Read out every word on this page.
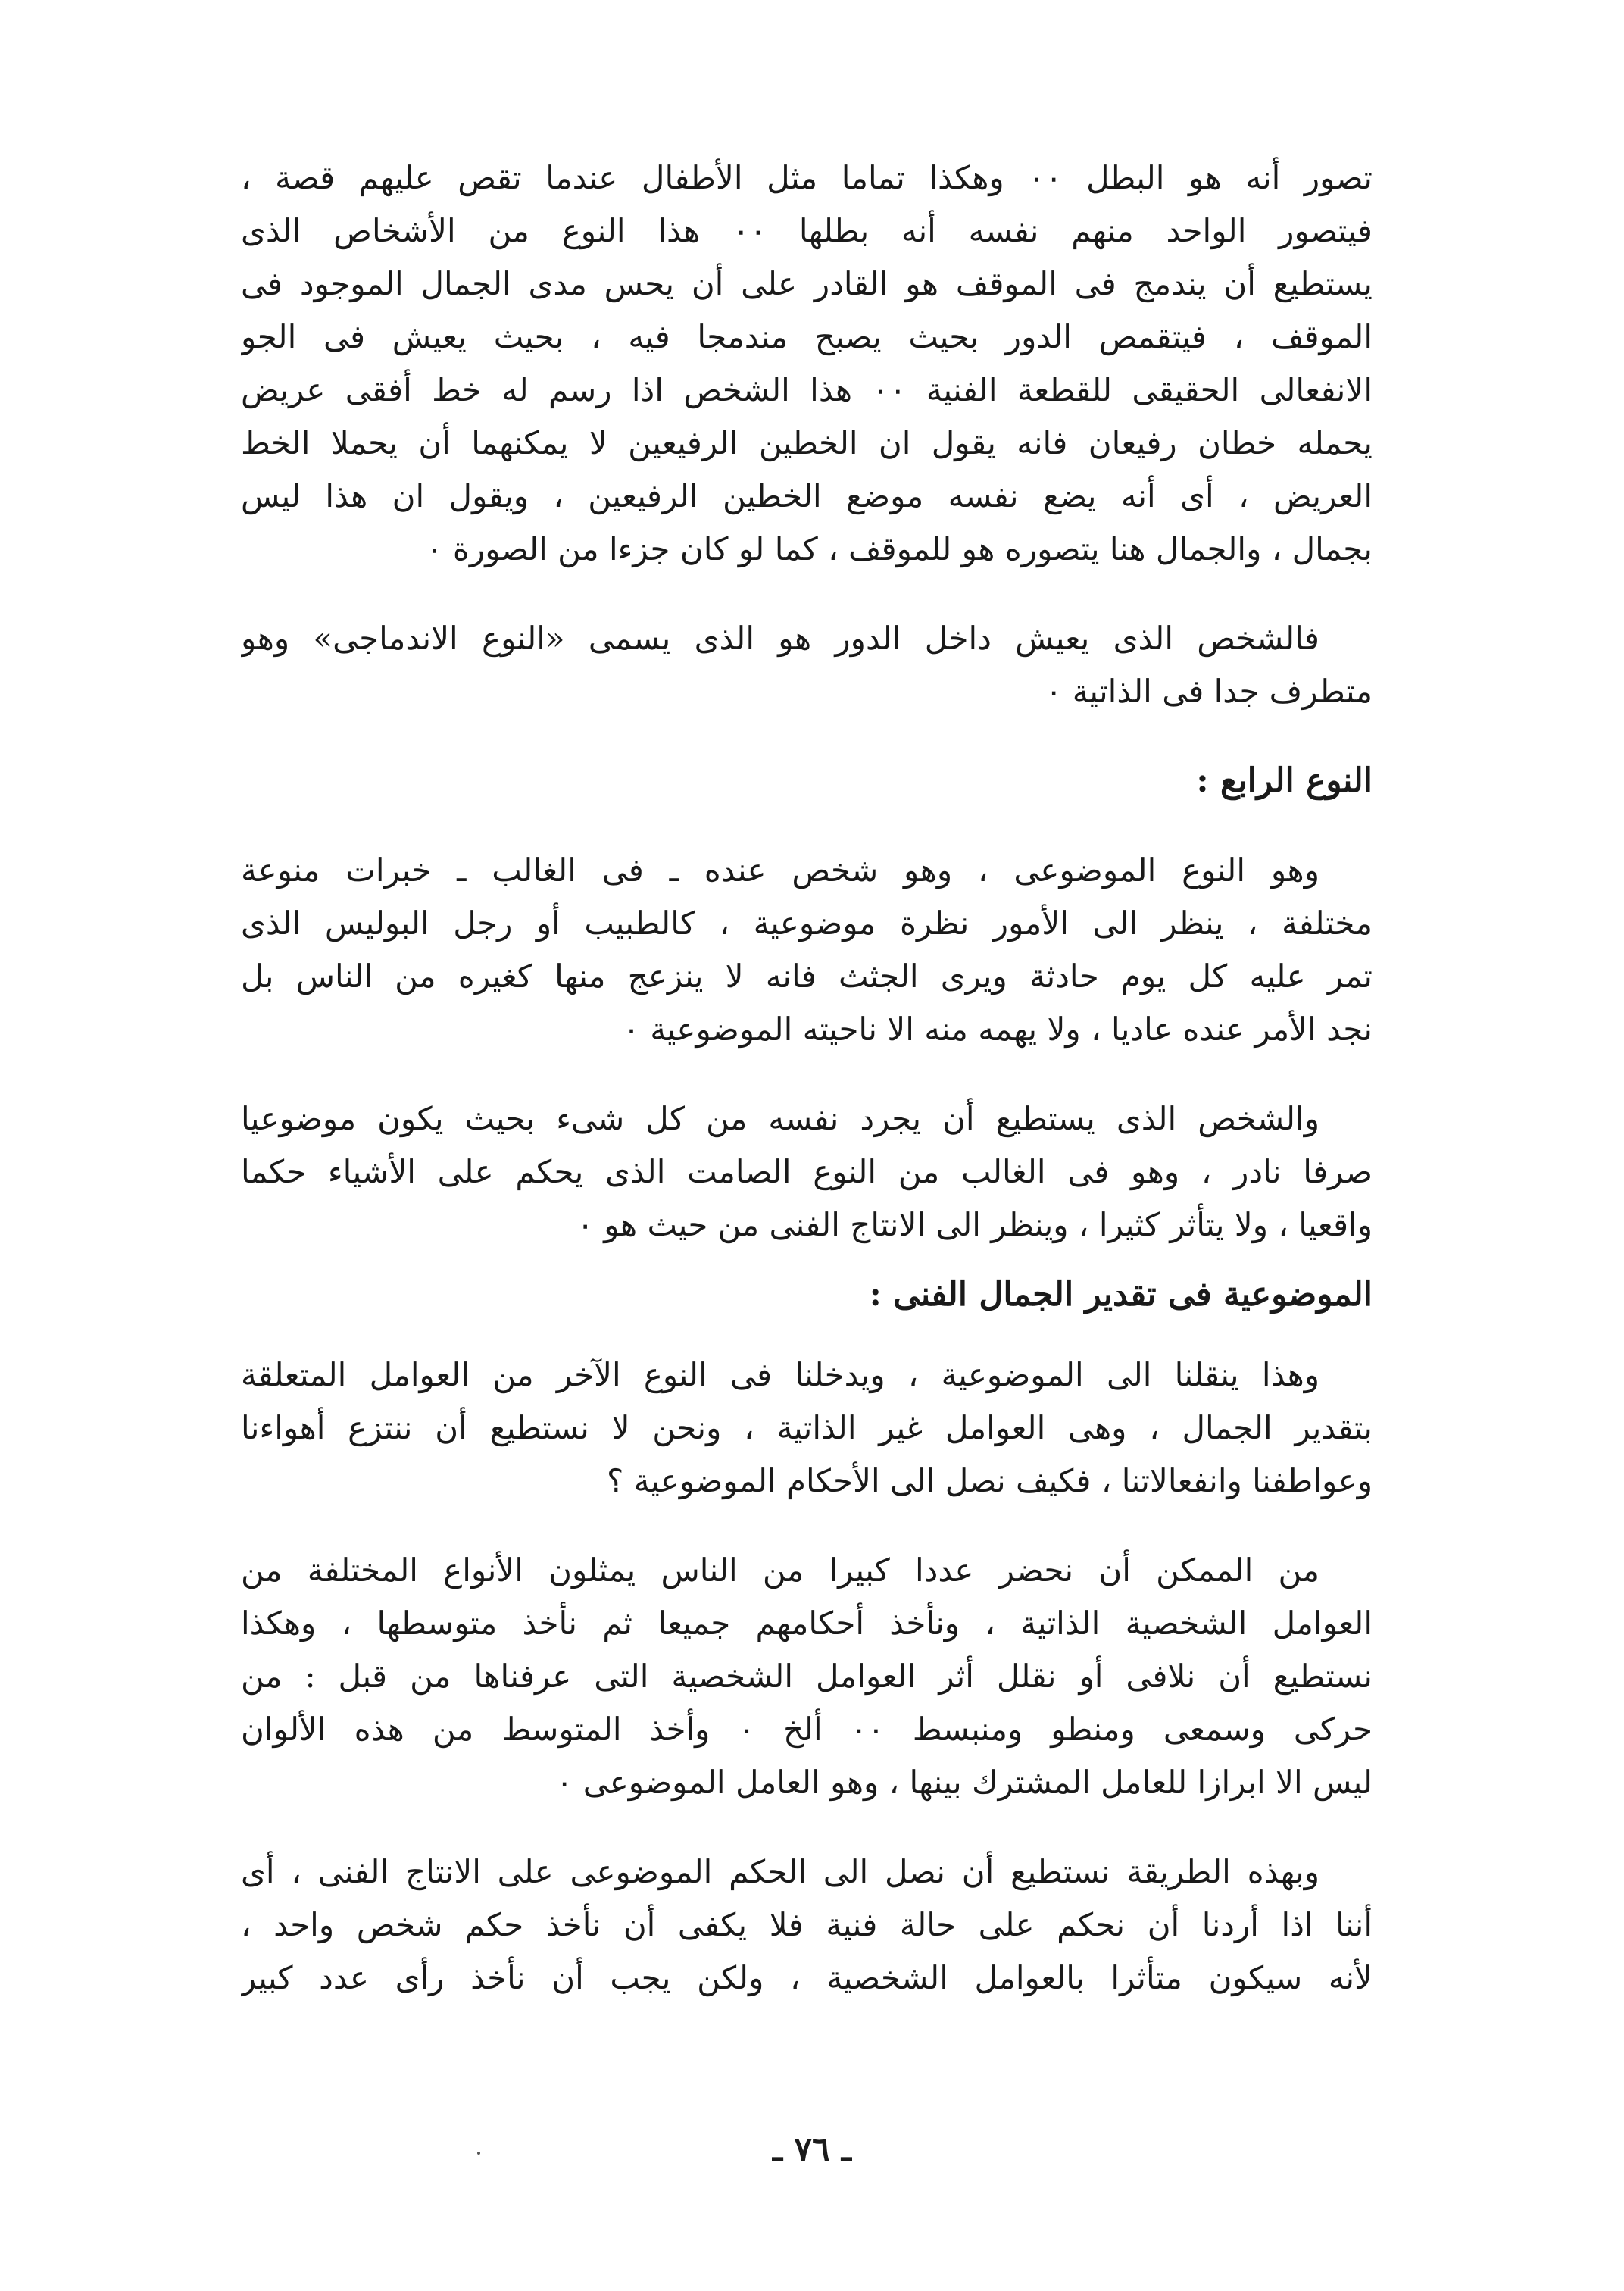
تصور أنه هو البطل ٠٠ وهكذا تماما مثل الأطفال عندما تقص عليهم قصة ،
فيتصور الواحد منهم نفسه أنه بطلها ٠٠ هذا النوع من الأشخاص الذى
يستطيع أن يندمج فى الموقف هو القادر على أن يحس مدى الجمال الموجود فى
الموقف ، فيتقمص الدور بحيث يصبح مندمجا فيه ، بحيث يعيش فى الجو
الانفعالى الحقيقى للقطعة الفنية ٠٠ هذا الشخص اذا رسم له خط أفقى عريض
يحمله خطان رفيعان فانه يقول ان الخطين الرفيعين لا يمكنهما أن يحملا الخط
العريض ، أى أنه يضع نفسه موضع الخطين الرفيعين ، ويقول ان هذا ليس
بجمال ، والجمال هنا يتصوره هو للموقف ، كما لو كان جزءا من الصورة ٠
فالشخص الذى يعيش داخل الدور هو الذى يسمى «النوع الاندماجى» وهو
متطرف جدا فى الذاتية ٠
النوع الرابع :
وهو النوع الموضوعى ، وهو شخص عنده ـ فى الغالب ـ خبرات منوعة
مختلفة ، ينظر الى الأمور نظرة موضوعية ، كالطبيب أو رجل البوليس الذى
تمر عليه كل يوم حادثة ويرى الجثث فانه لا ينزعج منها كغيره من الناس بل
نجد الأمر عنده عاديا ، ولا يهمه منه الا ناحيته الموضوعية ٠
والشخص الذى يستطيع أن يجرد نفسه من كل شىء بحيث يكون موضوعيا
صرفا نادر ، وهو فى الغالب من النوع الصامت الذى يحكم على الأشياء حكما
واقعيا ، ولا يتأثر كثيرا ، وينظر الى الانتاج الفنى من حيث هو ٠
الموضوعية فى تقدير الجمال الفنى :
وهذا ينقلنا الى الموضوعية ، ويدخلنا فى النوع الآخر من العوامل المتعلقة
بتقدير الجمال ، وهى العوامل غير الذاتية ، ونحن لا نستطيع أن ننتزع أهواءنا
وعواطفنا وانفعالاتنا ، فكيف نصل الى الأحكام الموضوعية ؟
من الممكن أن نحضر عددا كبيرا من الناس يمثلون الأنواع المختلفة من
العوامل الشخصية الذاتية ، ونأخذ أحكامهم جميعا ثم نأخذ متوسطها ، وهكذا
نستطيع أن نلافى أو نقلل أثر العوامل الشخصية التى عرفناها من قبل : من
حركى وسمعى ومنطو ومنبسط ٠٠ ألخ ٠ وأخذ المتوسط من هذه الألوان
ليس الا ابرازا للعامل المشترك بينها ، وهو العامل الموضوعى ٠
وبهذه الطريقة نستطيع أن نصل الى الحكم الموضوعى على الانتاج الفنى ، أى
أننا اذا أردنا أن نحكم على حالة فنية فلا يكفى أن نأخذ حكم شخص واحد ،
لأنه سيكون متأثرا بالعوامل الشخصية ، ولكن يجب أن نأخذ رأى عدد كبير
ـ ٧٦ ـ
